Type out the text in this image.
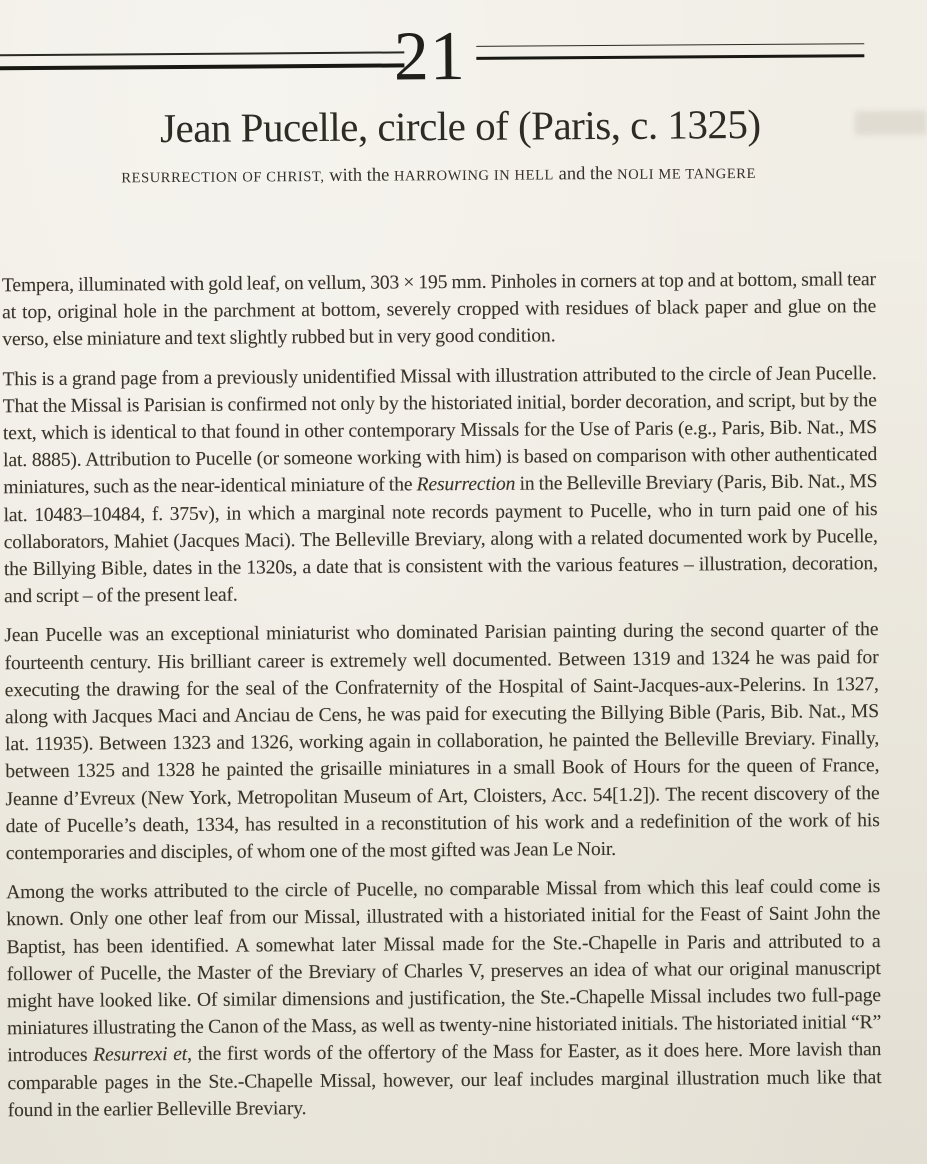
21
Jean Pucelle, circle of (Paris, c. 1325)
RESURRECTION OF CHRIST, with the HARROWING IN HELL and the NOLI ME TANGERE

Tempera, illuminated with gold leaf, on vellum, 303 × 195 mm. Pinholes in corners at top and at bottom, small tear at top, original hole in the parchment at bottom, severely cropped with residues of black paper and glue on the verso, else miniature and text slightly rubbed but in very good condition.

This is a grand page from a previously unidentified Missal with illustration attributed to the circle of Jean Pucelle. That the Missal is Parisian is confirmed not only by the historiated initial, border decoration, and script, but by the text, which is identical to that found in other contemporary Missals for the Use of Paris (e.g., Paris, Bib. Nat., MS lat. 8885). Attribution to Pucelle (or someone working with him) is based on comparison with other authenticated miniatures, such as the near-identical miniature of the Resurrection in the Belleville Breviary (Paris, Bib. Nat., MS lat. 10483–10484, f. 375v), in which a marginal note records payment to Pucelle, who in turn paid one of his collaborators, Mahiet (Jacques Maci). The Belleville Breviary, along with a related documented work by Pucelle, the Billying Bible, dates in the 1320s, a date that is consistent with the various features – illustration, decoration, and script – of the present leaf.

Jean Pucelle was an exceptional miniaturist who dominated Parisian painting during the second quarter of the fourteenth century. His brilliant career is extremely well documented. Between 1319 and 1324 he was paid for executing the drawing for the seal of the Confraternity of the Hospital of Saint-Jacques-aux-Pelerins. In 1327, along with Jacques Maci and Anciau de Cens, he was paid for executing the Billying Bible (Paris, Bib. Nat., MS lat. 11935). Between 1323 and 1326, working again in collaboration, he painted the Belleville Breviary. Finally, between 1325 and 1328 he painted the grisaille miniatures in a small Book of Hours for the queen of France, Jeanne d’Evreux (New York, Metropolitan Museum of Art, Cloisters, Acc. 54[1.2]). The recent discovery of the date of Pucelle’s death, 1334, has resulted in a reconstitution of his work and a redefinition of the work of his contemporaries and disciples, of whom one of the most gifted was Jean Le Noir.

Among the works attributed to the circle of Pucelle, no comparable Missal from which this leaf could come is known. Only one other leaf from our Missal, illustrated with a historiated initial for the Feast of Saint John the Baptist, has been identified. A somewhat later Missal made for the Ste.-Chapelle in Paris and attributed to a follower of Pucelle, the Master of the Breviary of Charles V, preserves an idea of what our original manuscript might have looked like. Of similar dimensions and justification, the Ste.-Chapelle Missal includes two full-page miniatures illustrating the Canon of the Mass, as well as twenty-nine historiated initials. The historiated initial “R” introduces Resurrexi et, the first words of the offertory of the Mass for Easter, as it does here. More lavish than comparable pages in the Ste.-Chapelle Missal, however, our leaf includes marginal illustration much like that found in the earlier Belleville Breviary.
